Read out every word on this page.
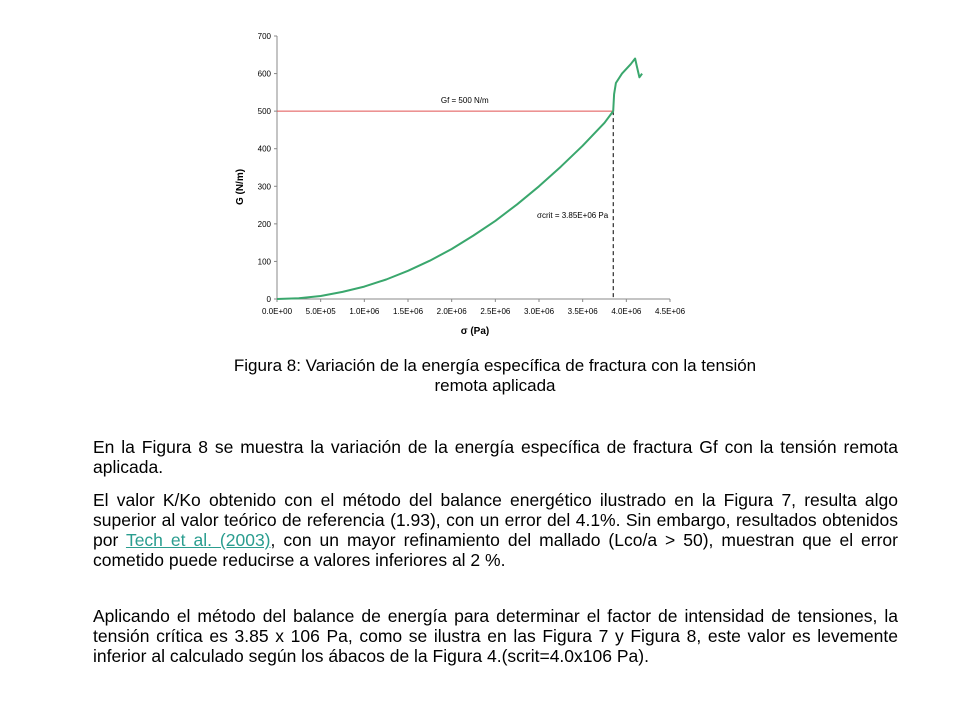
0
100
200
300
400
500
600
700
0.0E+00 5.0E+05 1.0E+06 1.5E+06 2.0E+06 2.5E+06 3.0E+06 3.5E+06 4.0E+06 4.5E+06
Gf = 500 N/m
σcrit = 3.85E+06 Pa
G (N/m)
σ (Pa)
Figura 8: Variación de la energía específica de fractura con la tensión
remota aplicada

En la Figura 8 se muestra la variación de la energía específica de fractura Gf con la tensión remota aplicada.

El valor K/Ko obtenido con el método del balance energético ilustrado en la Figura 7, resulta algo superior al valor teórico de referencia (1.93), con un error del 4.1%. Sin embargo, resultados obtenidos por Tech et al. (2003), con un mayor refinamiento del mallado (Lco/a > 50), muestran que el error cometido puede reducirse a valores inferiores al 2 %.

Aplicando el método del balance de energía para determinar el factor de intensidad de tensiones, la tensión crítica es 3.85 x 106 Pa, como se ilustra en las Figura 7 y Figura 8, este valor es levemente inferior al calculado según los ábacos de la Figura 4.(scrit=4.0x106 Pa).
